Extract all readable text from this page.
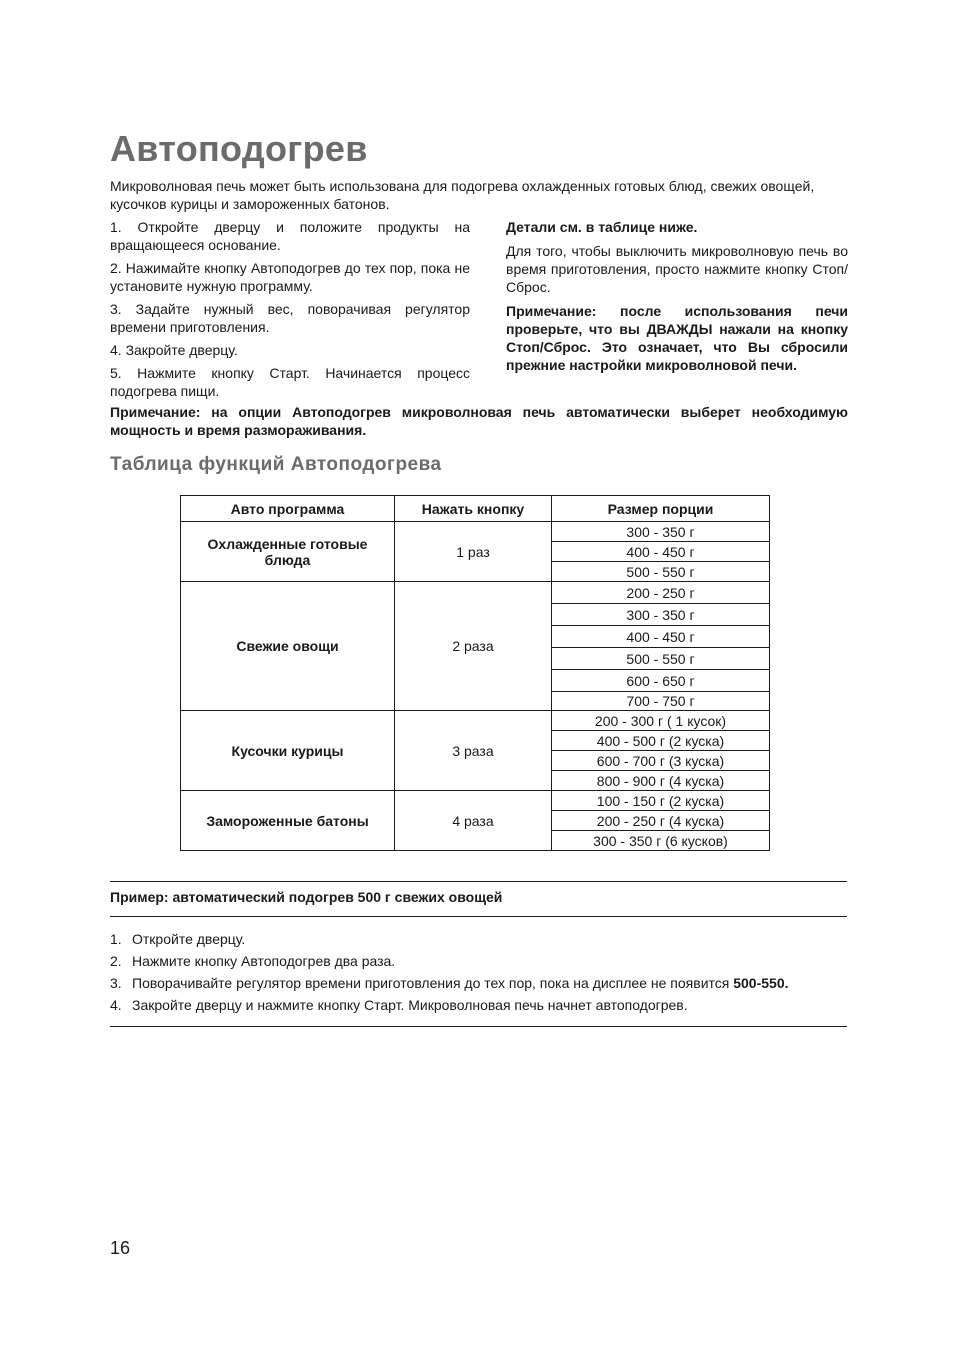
Автоподогрев
Микроволновая печь может быть использована для подогрева охлажденных готовых блюд, свежих овощей, кусочков курицы и замороженных батонов.

1. Откройте дверцу и положите продукты на вращающееся основание.

2. Нажимайте кнопку Автоподогрев до тех пор, пока не установите нужную программу.

3. Задайте нужный вес, поворачивая регулятор времени приготовления.

4. Закройте дверцу.

5. Нажмите кнопку Старт. Начинается процесс подогрева пищи.

Детали см. в таблице ниже.

Для того, чтобы выключить микроволновую печь во время приготовления, просто нажмите кнопку Стоп/Сброс.

Примечание: после использования печи проверьте, что вы ДВАЖДЫ нажали на кнопку Стоп/Сброс. Это означает, что Вы сбросили прежние настройки микроволновой печи.

Примечание: на опции Автоподогрев микроволновая печь автоматически выберет необходимую мощность и время размораживания.
Таблица функций Автоподогрева
Авто программа	Нажать кнопку	Размер порции
Охлажденные готовые блюда	1 раз	300 - 350 г
		400 - 450 г
		500 - 550 г
Свежие овощи	2 раза	200 - 250 г
		300 - 350 г
		400 - 450 г
		500 - 550 г
		600 - 650 г
		700 - 750 г
Кусочки курицы	3 раза	200 - 300 г ( 1 кусок)
		400 - 500 г (2 куска)
		600 - 700 г (3 куска)
		800 - 900 г (4 куска)
Замороженные батоны	4 раза	100 - 150 г (2 куска)
		200 - 250 г (4 куска)
		300 - 350 г (6 кусков)
Пример: автоматический подогрев 500 г свежих овощей
1. Откройте дверцу.
2. Нажмите кнопку Автоподогрев два раза.
3. Поворачивайте регулятор времени приготовления до тех пор, пока на дисплее не появится 500-550.
4. Закройте дверцу и нажмите кнопку Старт. Микроволновая печь начнет автоподогрев.
16
